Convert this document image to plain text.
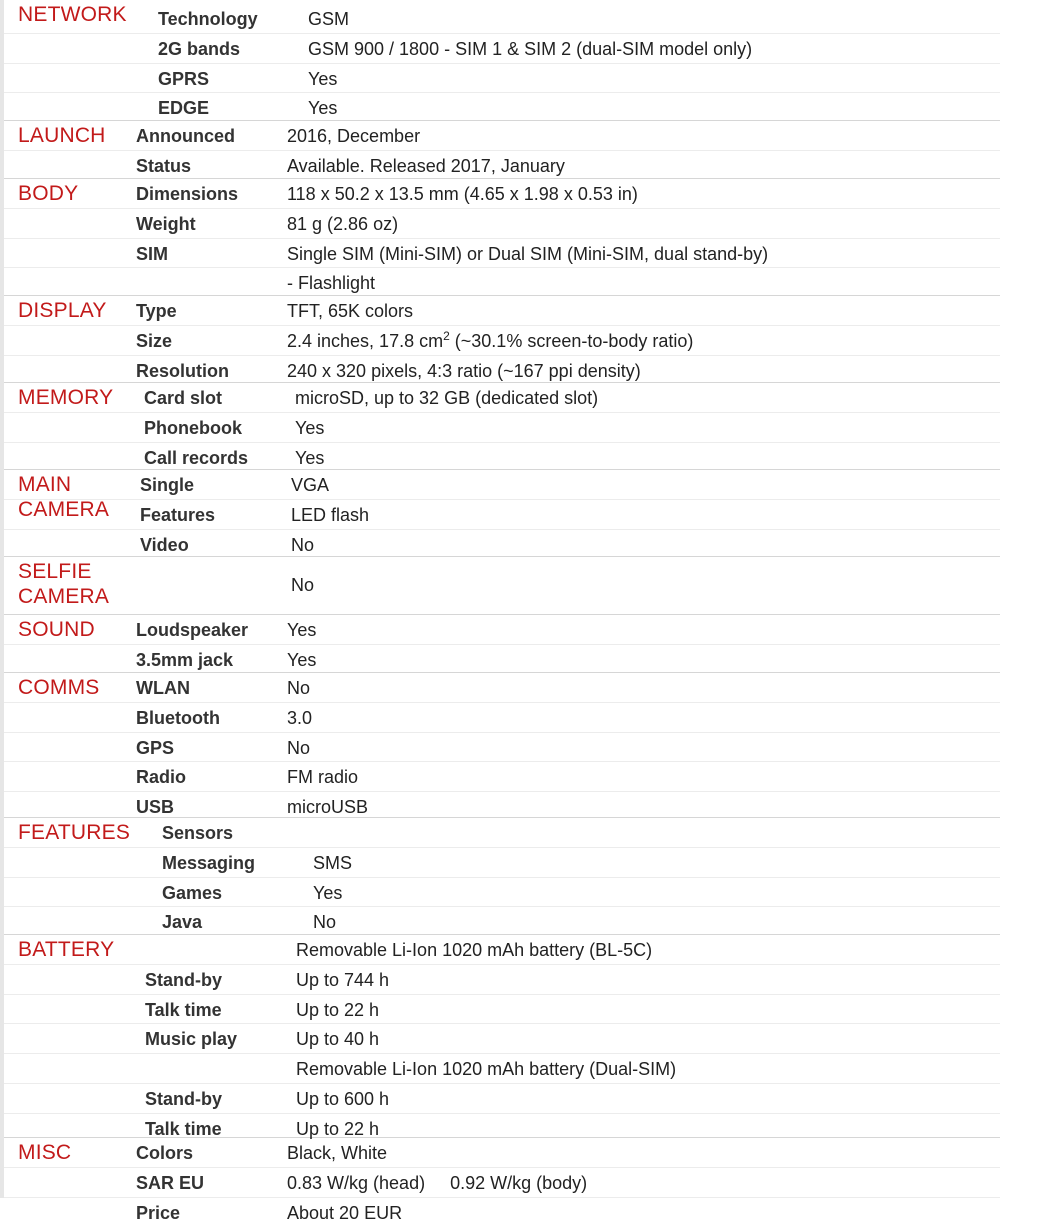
NETWORK Technology	GSM
2G bands	GSM 900 / 1800 - SIM 1 & SIM 2 (dual-SIM model only)
GPRS	Yes
EDGE	Yes
LAUNCH Announced	2016, December
Status	Available. Released 2017, January
BODY	Dimensions	118 x 50.2 x 13.5 mm (4.65 x 1.98 x 0.53 in)
Weight	81 g (2.86 oz)
SIM	Single SIM (Mini-SIM) or Dual SIM (Mini-SIM, dual stand-by)
- Flashlight
DISPLAY Type	TFT, 65K colors
Size	2.4 inches, 17.8 $cm^2$ (~30.1% screen-to-body ratio)
Resolution	240 x 320 pixels, 4:3 ratio (~167 ppi density)
MEMORY Card slot	microSD, up to 32 GB (dedicated slot)
Phonebook	Yes
Call records	Yes
MAIN
CAMERA
Single	VGA
Features	LED flash
Video	No
SELFIE
CAMERA	No
SOUND Loudspeaker Yes
3.5mm jack	Yes
COMMS WLAN	No
Bluetooth	3.0
GPS	No
Radio	FM radio
USB	microUSB
FEATURES Sensors
Messaging	SMS
Games	Yes
Java	No
BATTERY	Removable Li-Ion 1020 mAh battery (BL-5C)
Stand-by	Up to 744 h
Talk time	Up to 22 h
Music play	Up to 40 h
Removable Li-Ion 1020 mAh battery (Dual-SIM)
Stand-by	Up to 600 h
Talk time	Up to 22 h
MISC	Colors	Black, White
SAR EU	0.83 W/kg (head)     0.92 W/kg (body)
Price	About 20 EUR
